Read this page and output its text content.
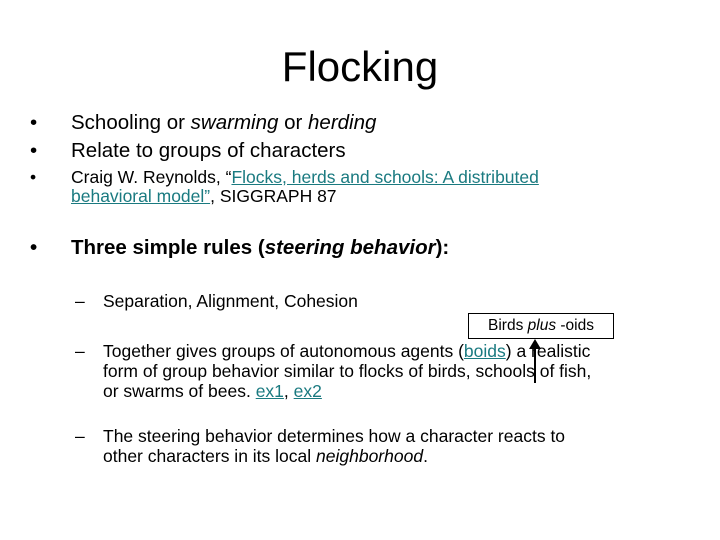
Flocking
• Schooling or swarming or herding
• Relate to groups of characters
• Craig W. Reynolds, “Flocks, herds and schools: A distributed
behavioral model”, SIGGRAPH 87
• Three simple rules (steering behavior):
– Separation, Alignment, Cohesion
Birds plus -oids
– Together gives groups of autonomous agents (boids) a realistic
form of group behavior similar to flocks of birds, schools of fish,
or swarms of bees. ex1, ex2
– The steering behavior determines how a character reacts to
other characters in its local neighborhood.
